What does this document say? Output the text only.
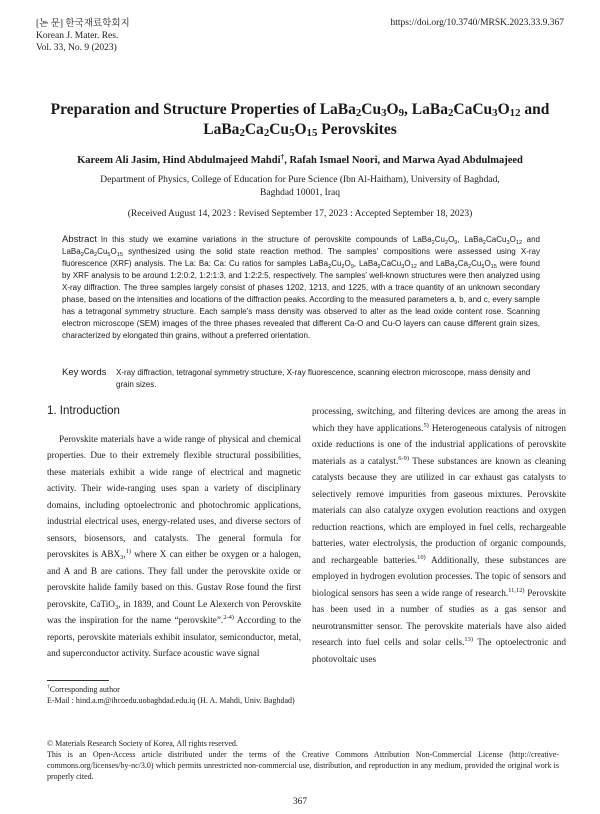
[논 문] 한국재료학회지
Korean J. Mater. Res.
Vol. 33, No. 9 (2023)
https://doi.org/10.3740/MRSK.2023.33.9.367
Preparation and Structure Properties of $LaBa_2Cu_3O_9$, $LaBa_2CaCu_3O_{12}$ and
$LaBa_2Ca_2Cu_5O_{15}$ Perovskites
Kareem Ali Jasim, Hind Abdulmajeed Mahdi†, Rafah Ismael Noori, and Marwa Ayad Abdulmajeed
Department of Physics, College of Education for Pure Science (Ibn Al-Haitham), University of Baghdad,
Baghdad 10001, Iraq
(Received August 14, 2023 : Revised September 17, 2023 : Accepted September 18, 2023)
Abstract In this study we examine variations in the structure of perovskite compounds of $LaBa_2Cu_2O_9$, $LaBa_2CaCu_3O_{12}$ and $LaBa_2Ca_2Cu_5O_{15}$ synthesized using the solid state reaction method. The samples' compositions were assessed using X-ray fluorescence (XRF) analysis. The La: Ba: Ca: Cu ratios for samples $LaBa_2Cu_2O_9$, $LaBa_2CaCu_3O_{12}$ and $LaBa_2Ca_2Cu_5O_{15}$ were found by XRF analysis to be around 1:2:0:2, 1:2:1:3, and 1:2:2:5, respectively. The samples' well-known structures were then analyzed using X-ray diffraction. The three samples largely consist of phases 1202, 1213, and 1225, with a trace quantity of an unknown secondary phase, based on the intensities and locations of the diffraction peaks. According to the measured parameters a, b, and c, every sample has a tetragonal symmetry structure. Each sample's mass density was observed to alter as the lead oxide content rose. Scanning electron microscope (SEM) images of the three phases revealed that different Ca-O and Cu-O layers can cause different grain sizes, characterized by elongated thin grains, without a preferred orientation.
Key words	X-ray diffraction, tetragonal symmetry structure, X-ray fluorescence, scanning electron microscope, mass density and grain sizes.
1. Introduction

Perovskite materials have a wide range of physical and chemical properties. Due to their extremely flexible structural possibilities, these materials exhibit a wide range of electrical and magnetic activity. Their wide-ranging uses span a variety of disciplinary domains, including optoelectronic and photochromic applications, industrial electrical uses, energy-related uses, and diverse sectors of sensors, biosensors, and catalysts. The general formula for perovskites is $ABX_3,^{1)}$ where X can either be oxygen or a halogen, and A and B are cations. They fall under the perovskite oxide or perovskite halide family based on this. Gustav Rose found the first perovskite, CaTiO$_3$, in 1839, and Count Le Alexerch von Perovskite was the inspiration for the name “perovskite”.$^{2-4)}$ According to the reports, perovskite materials exhibit insulator, semiconductor, metal, and superconductor activity. Surface acoustic wave signal

processing, switching, and filtering devices are among the areas in which they have applications.$^{5)}$ Heterogeneous catalysis of nitrogen oxide reductions is one of the industrial applications of perovskite materials as a catalyst.$^{6-9)}$ These substances are known as cleaning catalysts because they are utilized in car exhaust gas catalysts to selectively remove impurities from gaseous mixtures. Perovskite materials can also catalyze oxygen evolution reactions and oxygen reduction reactions, which are employed in fuel cells, rechargeable batteries, water electrolysis, the production of organic compounds, and rechargeable batteries.$^{10)}$ Additionally, these substances are employed in hydrogen evolution processes. The topic of sensors and biological sensors has seen a wide range of research.$^{11,12)}$ Perovskite has been used in a number of studies as a gas sensor and neurotransmitter sensor. The perovskite materials have also aided research into fuel cells and solar cells.$^{13)}$ The optoelectronic and photovoltaic uses

†Corresponding author
E-Mail : hind.a.m@ihcoedu.uobaghdad.edu.iq (H. A. Mahdi, Univ. Baghdad)
© Materials Research Society of Korea, All rights reserved.
This is an Open-Access article distributed under the terms of the Creative Commons Attribution Non-Commercial License (http://creative-commons.org/licenses/by-nc/3.0) which permits unrestricted non-commercial use, distribution, and reproduction in any medium, provided the original work is properly cited.
367
